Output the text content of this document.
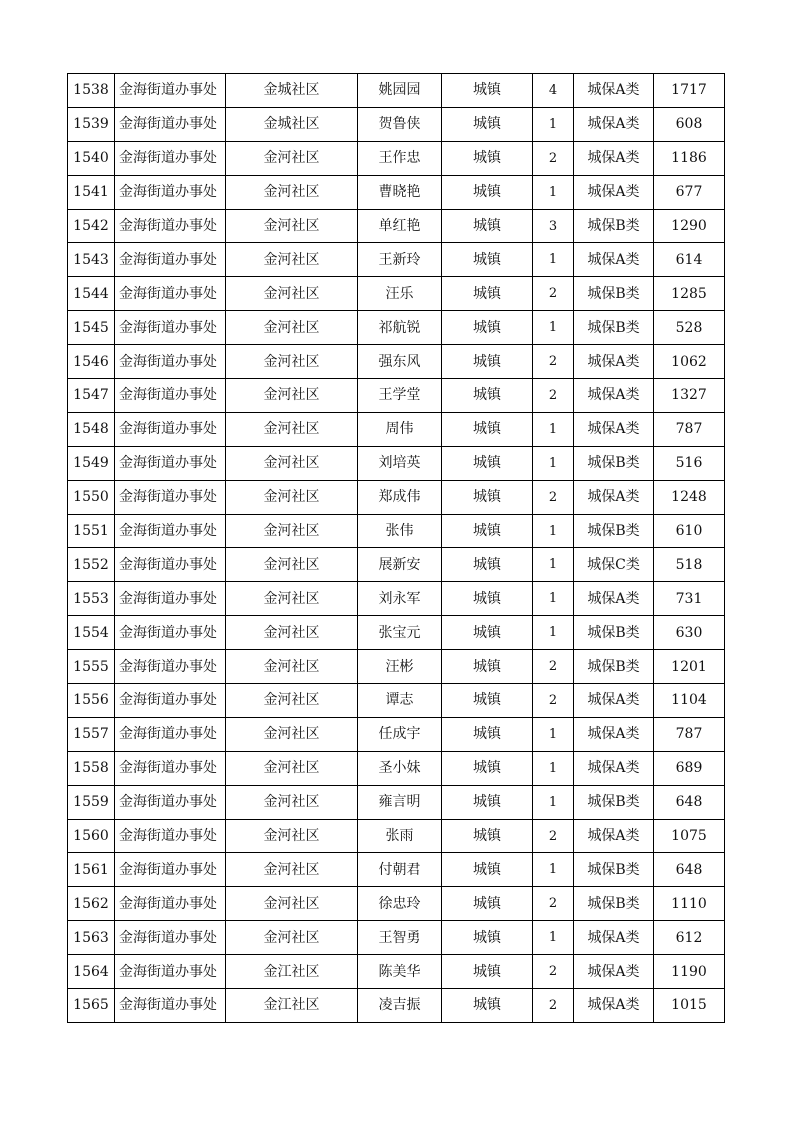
1538	金海街道办事处	金城社区	姚园园	城镇	4	城保A类	1717
1539	金海街道办事处	金城社区	贺鲁侠	城镇	1	城保A类	608
1540	金海街道办事处	金河社区	王作忠	城镇	2	城保A类	1186
1541	金海街道办事处	金河社区	曹晓艳	城镇	1	城保A类	677
1542	金海街道办事处	金河社区	单红艳	城镇	3	城保B类	1290
1543	金海街道办事处	金河社区	王新玲	城镇	1	城保A类	614
1544	金海街道办事处	金河社区	汪乐	城镇	2	城保B类	1285
1545	金海街道办事处	金河社区	祁航锐	城镇	1	城保B类	528
1546	金海街道办事处	金河社区	强东风	城镇	2	城保A类	1062
1547	金海街道办事处	金河社区	王学堂	城镇	2	城保A类	1327
1548	金海街道办事处	金河社区	周伟	城镇	1	城保A类	787
1549	金海街道办事处	金河社区	刘培英	城镇	1	城保B类	516
1550	金海街道办事处	金河社区	郑成伟	城镇	2	城保A类	1248
1551	金海街道办事处	金河社区	张伟	城镇	1	城保B类	610
1552	金海街道办事处	金河社区	展新安	城镇	1	城保C类	518
1553	金海街道办事处	金河社区	刘永军	城镇	1	城保A类	731
1554	金海街道办事处	金河社区	张宝元	城镇	1	城保B类	630
1555	金海街道办事处	金河社区	汪彬	城镇	2	城保B类	1201
1556	金海街道办事处	金河社区	谭志	城镇	2	城保A类	1104
1557	金海街道办事处	金河社区	任成宇	城镇	1	城保A类	787
1558	金海街道办事处	金河社区	圣小妹	城镇	1	城保A类	689
1559	金海街道办事处	金河社区	雍言明	城镇	1	城保B类	648
1560	金海街道办事处	金河社区	张雨	城镇	2	城保A类	1075
1561	金海街道办事处	金河社区	付朝君	城镇	1	城保B类	648
1562	金海街道办事处	金河社区	徐忠玲	城镇	2	城保B类	1110
1563	金海街道办事处	金河社区	王智勇	城镇	1	城保A类	612
1564	金海街道办事处	金江社区	陈美华	城镇	2	城保A类	1190
1565	金海街道办事处	金江社区	凌吉振	城镇	2	城保A类	1015
